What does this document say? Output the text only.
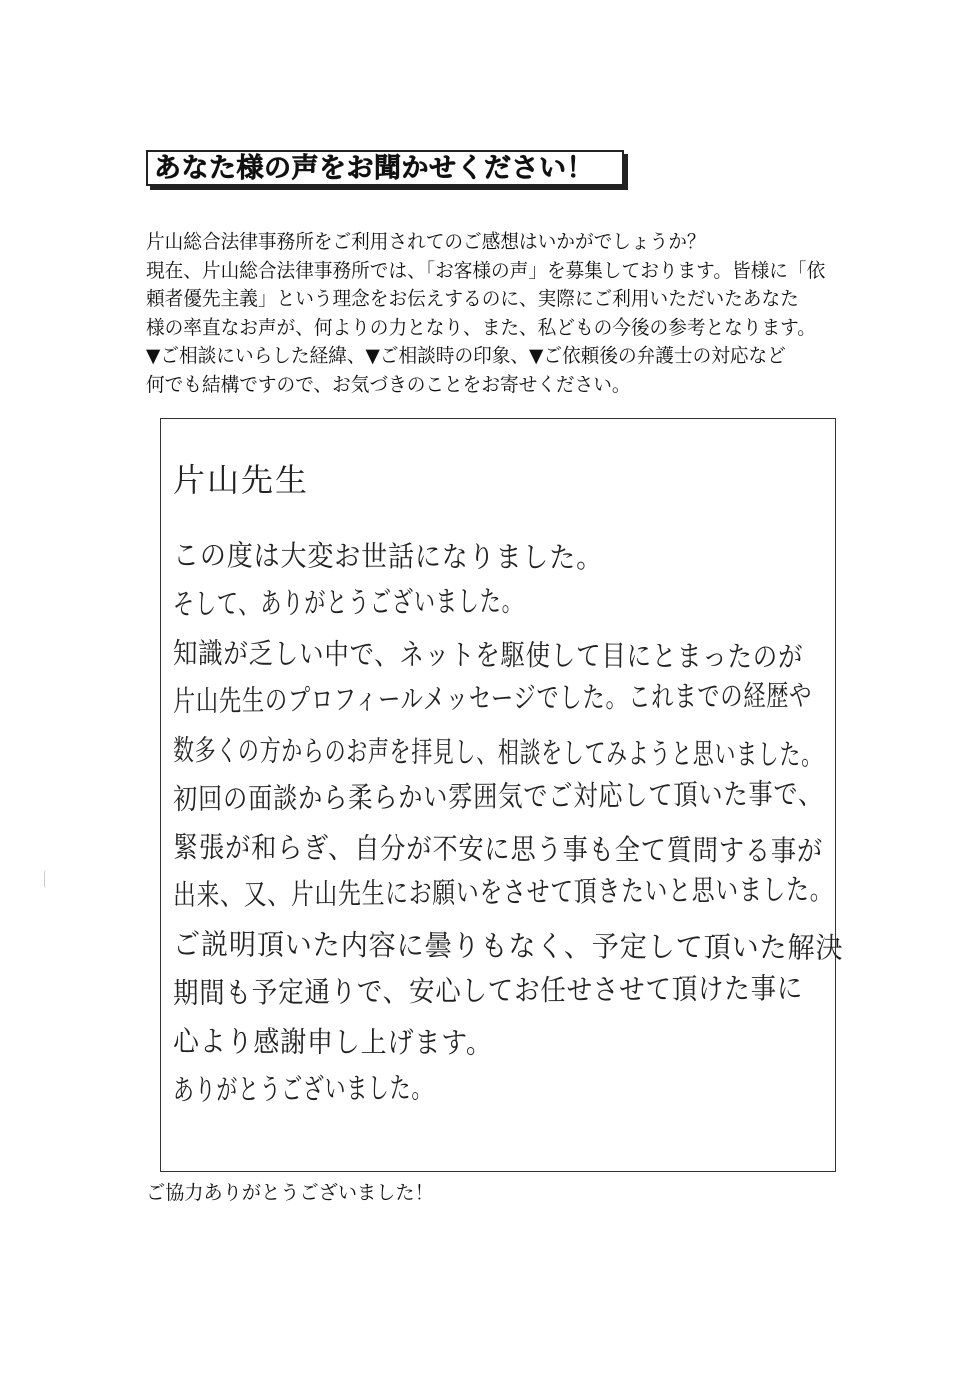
あなた様の声をお聞かせください！
片山総合法律事務所をご利用されてのご感想はいかがでしょうか？
現在、片山総合法律事務所では、「お客様の声」を募集しております。皆様に「依
頼者優先主義」という理念をお伝えするのに、実際にご利用いただいたあなた
様の率直なお声が、何よりの力となり、また、私どもの今後の参考となります。
▼ご相談にいらした経緯、▼ご相談時の印象、▼ご依頼後の弁護士の対応など
何でも結構ですので、お気づきのことをお寄せください。
片山先生
この度は大変お世話になりました。
そして、ありがとうございました。
知識が乏しい中で、ネットを駆使して目にとまったのが
片山先生のプロフィールメッセージでした。これまでの経歴や
数多くの方からのお声を拝見し、相談をしてみようと思いました。
初回の面談から柔らかい雰囲気でご対応して頂いた事で、
緊張が和らぎ、自分が不安に思う事も全て質問する事が
出来、又、片山先生にお願いをさせて頂きたいと思いました。
ご説明頂いた内容に曇りもなく、予定して頂いた解決
期間も予定通りで、安心してお任せさせて頂けた事に
心より感謝申し上げます。
ありがとうございました。
ご協力ありがとうございました！
